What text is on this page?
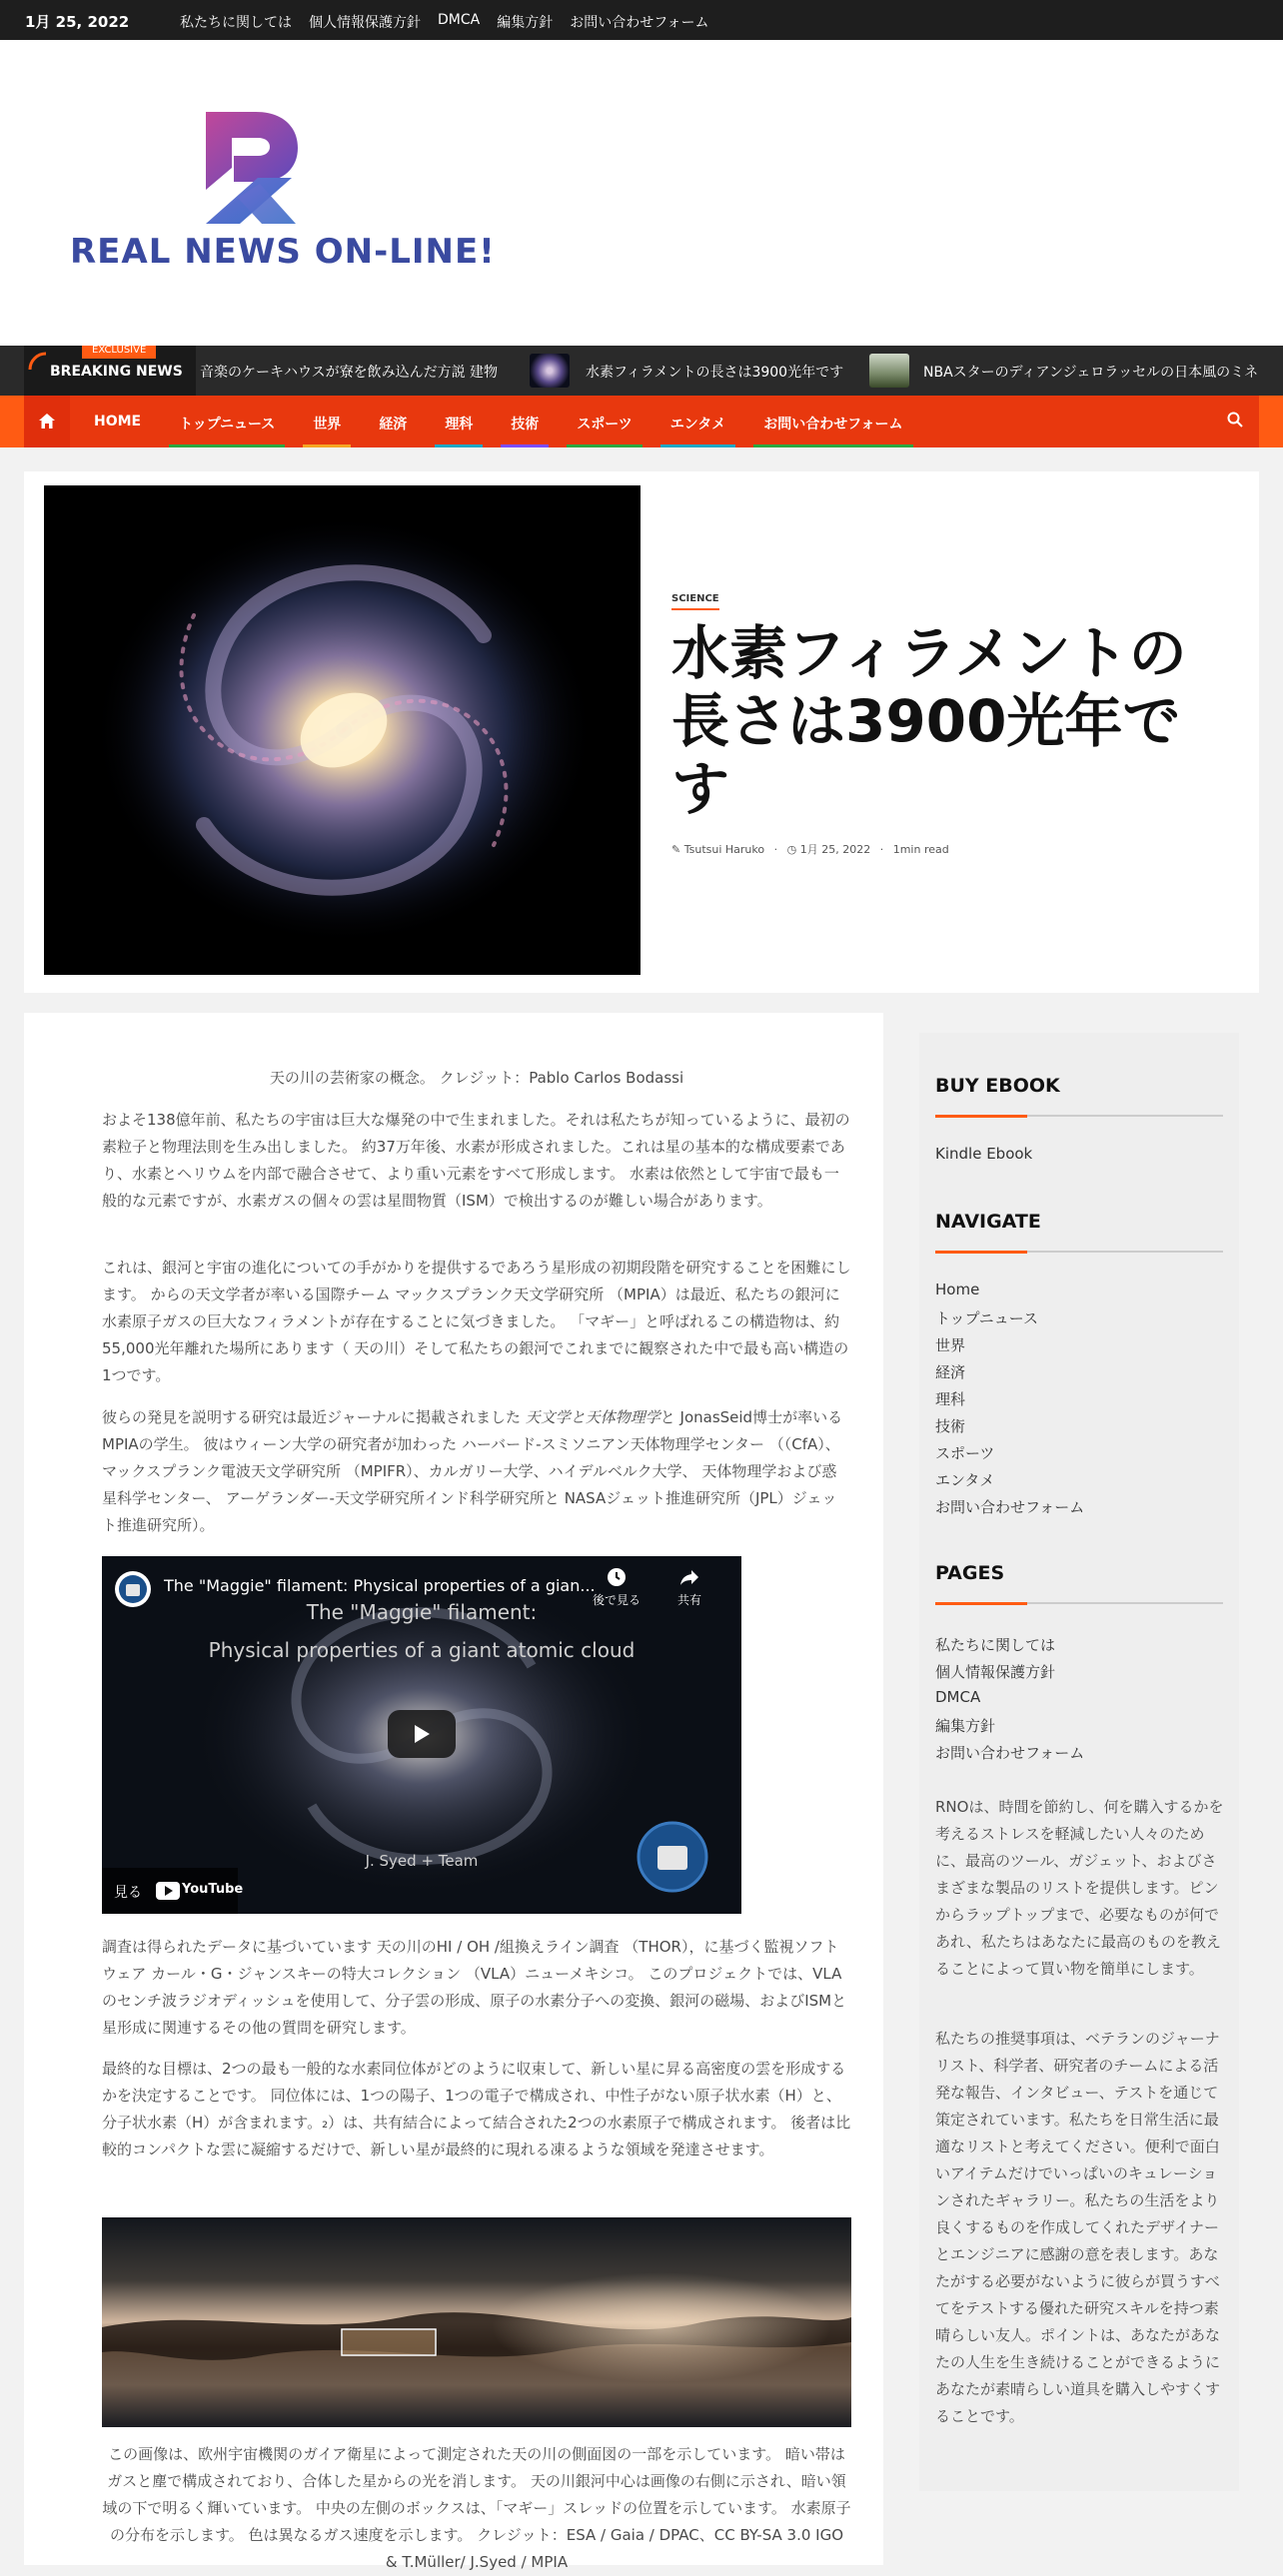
1月 25, 2022	私たちに関しては 個人情報保護方針 DMCA 編集方針 お問い合わせフォーム
REAL NEWS ON-LINE!
EXCLUSIVE
BREAKING NEWS 音楽のケーキハウスが寮を飲み込んだ方説 建物	水素フィラメントの長さは3900光年です	NBAスターのディアンジェロラッセルの日本風のミネ
HOME	トップニュース	世界	経済	理科	技術	スポーツ	エンタメ	お問い合わせフォーム
SCIENCE
水素フィラメントの長さは3900光年です
✎ Tsutsui Haruko · ◷ 1月 25, 2022 · 1min read

天の川の芸術家の概念。 クレジット：Pablo Carlos Bodassi

およそ138億年前、私たちの宇宙は巨大な爆発の中で生まれました。それは私たちが知っているように、最初の素粒子と物理法則を生み出しました。 約37万年後、水素が形成されました。これは星の基本的な構成要素であり、水素とヘリウムを内部で融合させて、より重い元素をすべて形成します。 水素は依然として宇宙で最も一般的な元素ですが、水素ガスの個々の雲は星間物質（ISM）で検出するのが難しい場合があります。

これは、銀河と宇宙の進化についての手がかりを提供するであろう星形成の初期段階を研究することを困難にします。 からの天文学者が率いる国際チーム マックスプランク天文学研究所 （MPIA）は最近、私たちの銀河に水素原子ガスの巨大なフィラメントが存在することに気づきました。 「マギー」と呼ばれるこの構造物は、約55,000光年離れた場所にあります（ 天の川）そして私たちの銀河でこれまでに観察された中で最も高い構造の1つです。

彼らの発見を説明する研究は最近ジャーナルに掲載されました 天文学と天体物理学と JonasSeid博士が率いる MPIAの学生。 彼はウィーン大学の研究者が加わった ハーバード-スミソニアン天体物理学センター （（CfA）、 マックスプランク電波天文学研究所 （MPIFR）、カルガリー大学、ハイデルベルク大学、 天体物理学および惑星科学センター、 アーゲランダー-天文学研究所インド科学研究所と NASAジェット推進研究所（JPL）ジェット推進研究所）。

The "Maggie" filament: Physical properties of a gian...
後で見る	共有
The "Maggie" filament:
Physical properties of a giant atomic cloud
J. Syed + Team
見る	YouTube

調査は得られたデータに基づいています 天の川のHI / OH /組換えライン調査 （THOR），に基づく監視ソフトウェア カール・G・ジャンスキーの特大コレクション （VLA）ニューメキシコ。 このプロジェクトでは、VLAのセンチ波ラジオディッシュを使用して、分子雲の形成、原子の水素分子への変換、銀河の磁場、およびISMと星形成に関連するその他の質問を研究します。

最終的な目標は、2つの最も一般的な水素同位体がどのように収束して、新しい星に昇る高密度の雲を形成するかを決定することです。 同位体には、1つの陽子、1つの電子で構成され、中性子がない原子状水素（H）と、分子状水素（H）が含まれます。₂）は、共有結合によって結合された2つの水素原子で構成されます。 後者は比較的コンパクトな雲に凝縮するだけで、新しい星が最終的に現れる凍るような領域を発達させます。

この画像は、欧州宇宙機関のガイア衛星によって測定された天の川の側面図の一部を示しています。 暗い帯はガスと塵で構成されており、合体した星からの光を消します。 天の川銀河中心は画像の右側に示され、暗い領域の下で明るく輝いています。 中央の左側のボックスは、「マギー」スレッドの位置を示しています。 水素原子の分布を示します。 色は異なるガス速度を示します。 クレジット：ESA / Gaia / DPAC、CC BY-SA 3.0 IGO & T.Müller/ J.Syed / MPIA

BUY EBOOK
Kindle Ebook
NAVIGATE
Home
トップニュース
世界
経済
理科
技術
スポーツ
エンタメ
お問い合わせフォーム
PAGES
私たちに関しては
個人情報保護方針
DMCA
編集方針
お問い合わせフォーム

RNOは、時間を節約し、何を購入するかを考えるストレスを軽減したい人々のために、最高のツール、ガジェット、およびさまざまな製品のリストを提供します。ピンからラップトップまで、必要なものが何であれ、私たちはあなたに最高のものを教えることによって買い物を簡単にします。

私たちの推奨事項は、ベテランのジャーナリスト、科学者、研究者のチームによる活発な報告、インタビュー、テストを通じて策定されています。私たちを日常生活に最適なリストと考えてください。便利で面白いアイテムだけでいっぱいのキュレーションされたギャラリー。私たちの生活をより良くするものを作成してくれたデザイナーとエンジニアに感謝の意を表します。あなたがする必要がないように彼らが買うすべてをテストする優れた研究スキルを持つ素晴らしい友人。ポイントは、あなたがあなたの人生を生き続けることができるようにあなたが素晴らしい道具を購入しやすくすることです。
